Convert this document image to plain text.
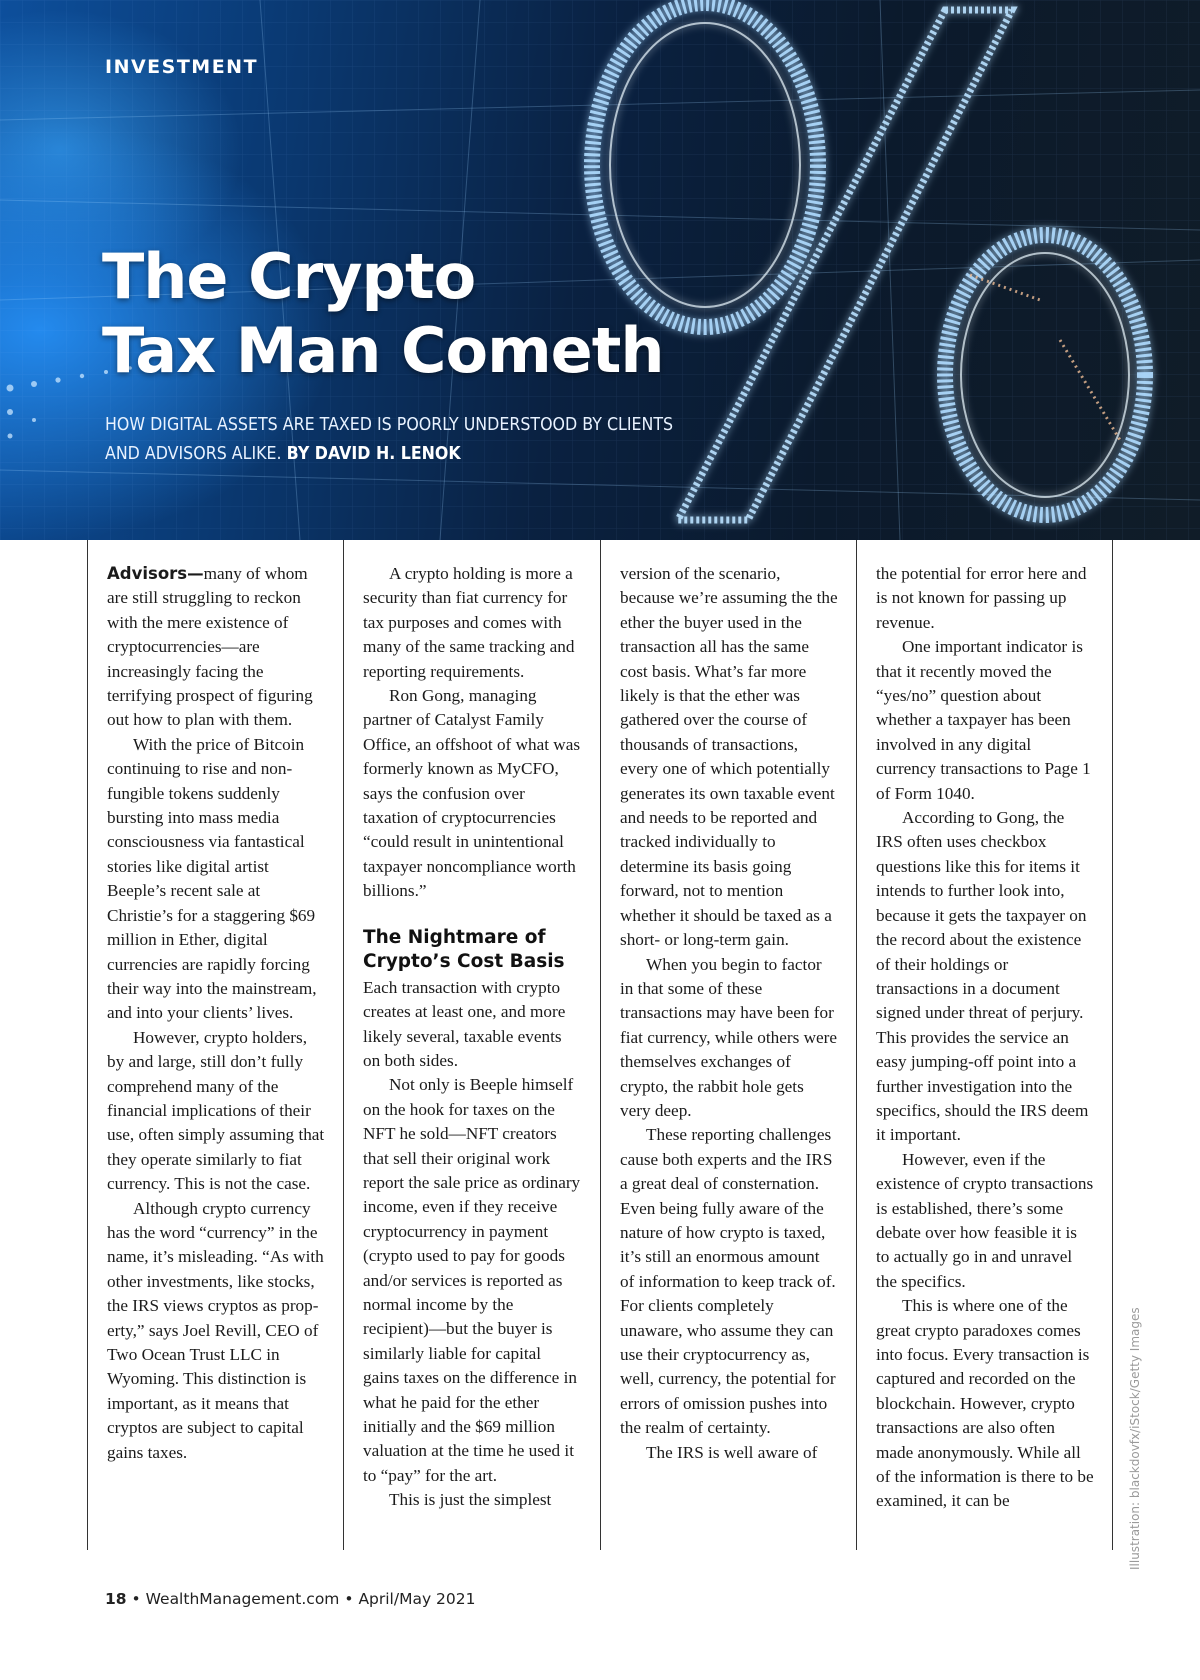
INVESTMENT
The Crypto
Tax Man Cometh
HOW DIGITAL ASSETS ARE TAXED IS POORLY UNDERSTOOD BY CLIENTS AND ADVISORS ALIKE. BY DAVID H. LENOK

Advisors—many of whom are still struggling to reckon with the mere existence of cryptocurrencies—are increasingly facing the terrifying prospect of figuring out how to plan with them.

With the price of Bitcoin continuing to rise and non-fungible tokens suddenly bursting into mass media consciousness via fantastical stories like digital artist Beeple’s recent sale at Christie’s for a staggering $69 million in Ether, digital currencies are rapidly forcing their way into the mainstream, and into your clients’ lives.

However, crypto holders, by and large, still don’t fully comprehend many of the financial implications of their use, often simply assuming that they operate similarly to fiat currency. This is not the case.

Although crypto currency has the word “currency” in the name, it’s misleading. “As with other investments, like stocks, the IRS views cryptos as property,” says Joel Revill, CEO of Two Ocean Trust LLC in Wyoming. This distinction is important, as it means that cryptos are subject to capital gains taxes.

A crypto holding is more a security than fiat currency for tax purposes and comes with many of the same tracking and reporting requirements.

Ron Gong, managing partner of Catalyst Family Office, an offshoot of what was formerly known as MyCFO, says the confusion over taxation of cryptocurrencies “could result in unintentional taxpayer noncompliance worth billions.”

The Nightmare of Crypto’s Cost Basis

Each transaction with crypto creates at least one, and more likely several, taxable events on both sides.

Not only is Beeple himself on the hook for taxes on the NFT he sold—NFT creators that sell their original work report the sale price as ordinary income, even if they receive cryptocurrency in payment (crypto used to pay for goods and/or services is reported as normal income by the recipient)—but the buyer is similarly liable for capital gains taxes on the difference in what he paid for the ether initially and the $69 million valuation at the time he used it to “pay” for the art.

This is just the simplest

version of the scenario, because we’re assuming the the ether the buyer used in the transaction all has the same cost basis. What’s far more likely is that the ether was gathered over the course of thousands of transactions, every one of which potentially generates its own taxable event and needs to be reported and tracked individually to determine its basis going forward, not to mention whether it should be taxed as a short- or long-term gain.

When you begin to factor in that some of these transactions may have been for fiat currency, while others were themselves exchanges of crypto, the rabbit hole gets very deep.

These reporting challenges cause both experts and the IRS a great deal of consternation. Even being fully aware of the nature of how crypto is taxed, it’s still an enormous amount of information to keep track of. For clients completely unaware, who assume they can use their cryptocurrency as, well, currency, the potential for errors of omission pushes into the realm of certainty.

The IRS is well aware of

the potential for error here and is not known for passing up revenue.

One important indicator is that it recently moved the “yes/no” question about whether a taxpayer has been involved in any digital currency transactions to Page 1 of Form 1040.

According to Gong, the IRS often uses checkbox questions like this for items it intends to further look into, because it gets the taxpayer on the record about the existence of their holdings or transactions in a document signed under threat of perjury. This provides the service an easy jumping-off point into a further investigation into the specifics, should the IRS deem it important.

However, even if the existence of crypto transactions is established, there’s some debate over how feasible it is to actually go in and unravel the specifics.

This is where one of the great crypto paradoxes comes into focus. Every transaction is captured and recorded on the blockchain. However, crypto transactions are also often made anonymously. While all of the information is there to be examined, it can be	Illustration: blackdovfx/iStock/Getty Images
18 • WealthManagement.com • April/May 2021
